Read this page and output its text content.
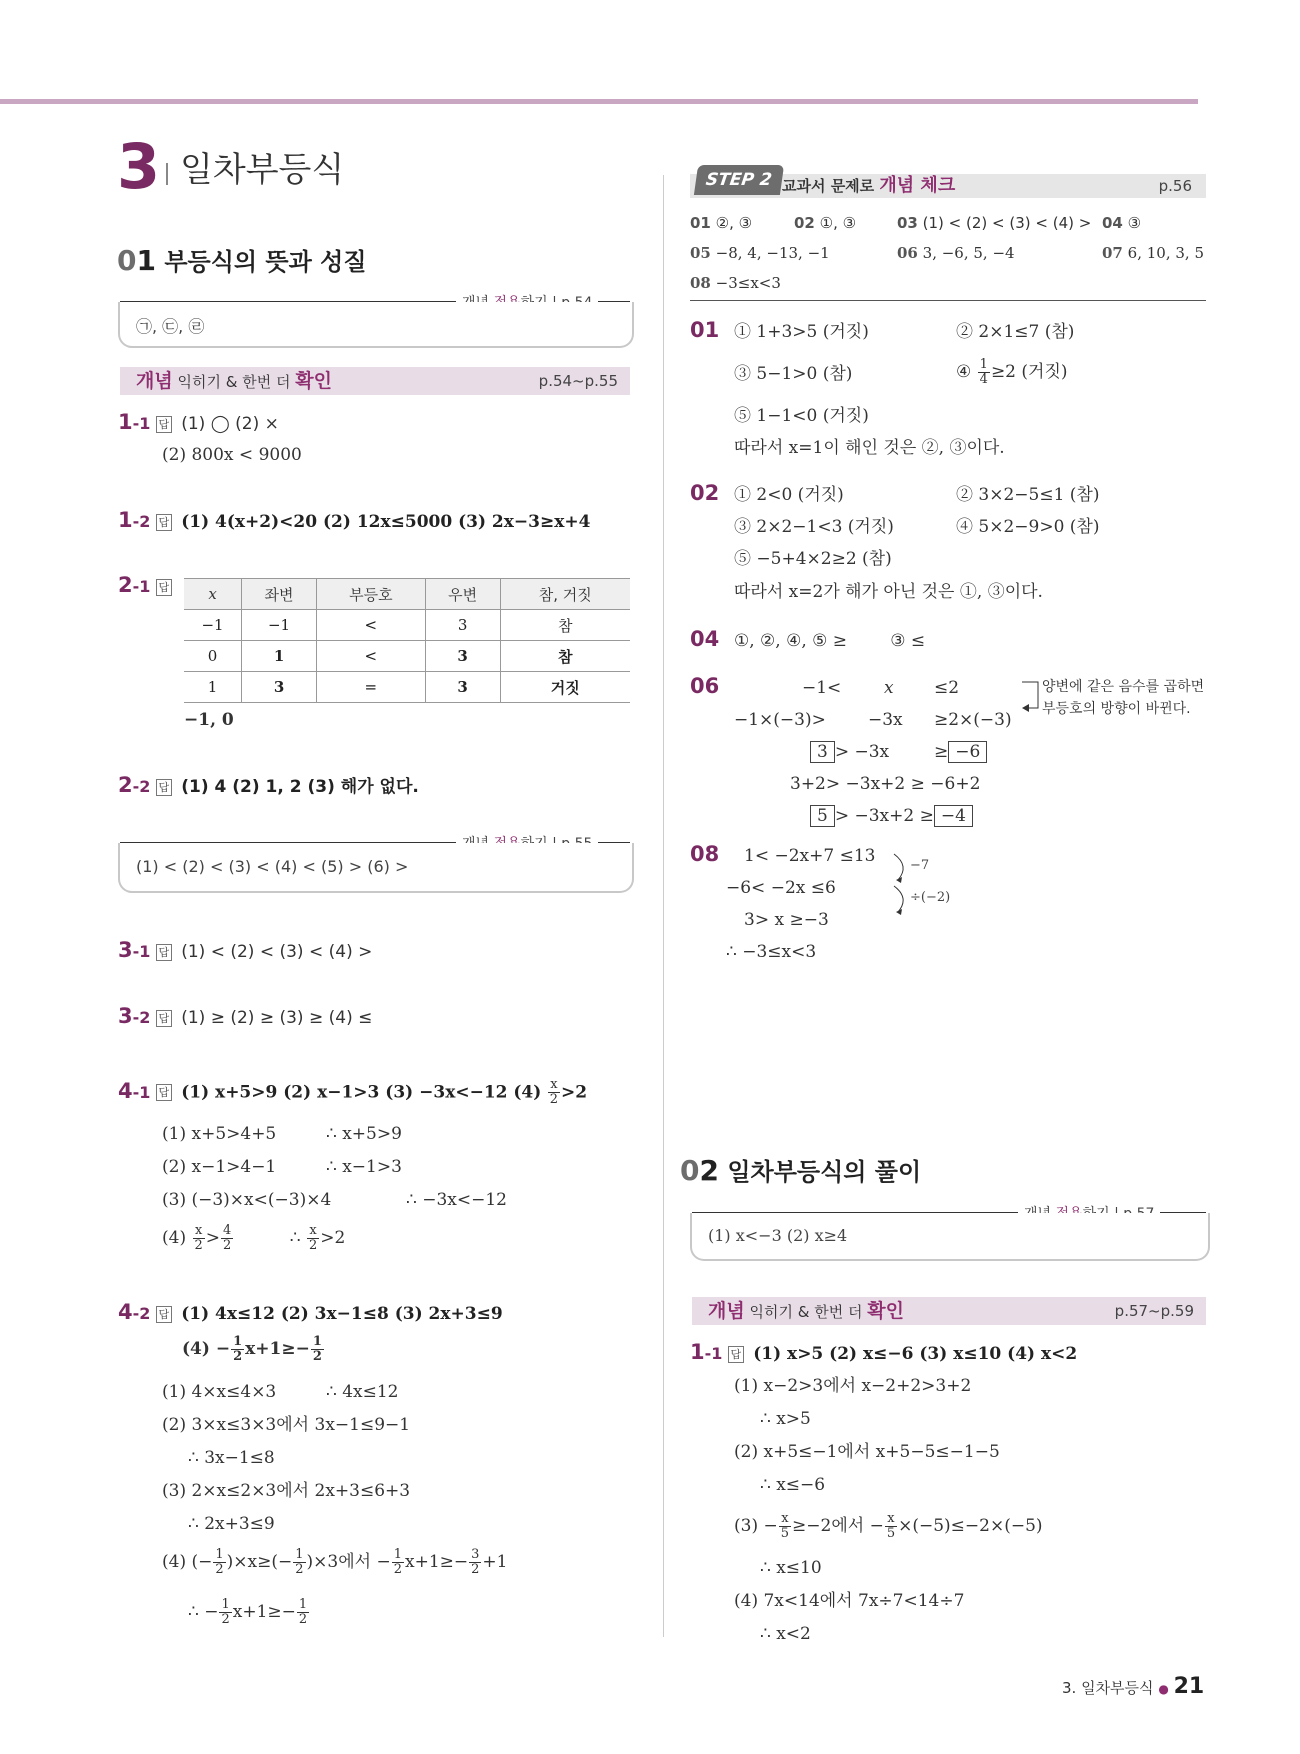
3 일차부등식
01 부등식의 뜻과 성질
㉠, ㉢, ㉣
개념 익히기 & 한번 더 확인	p.54~p.55
1-1 답 (1) ◯ (2) ×
(2) 800x < 9000
1-2 답 (1) 4(x+2)<20 (2) 12x≤5000 (3) 2x−3≥x+4
2-1 답	x	좌변	부등호	우변	참, 거짓
−1	−1	<	3	참
0	1	<	3	참
1	3	=	3	거짓
−1, 0
2-2 답 (1) 4 (2) 1, 2 (3) 해가 없다.
(1) < (2) < (3) < (4) < (5) > (6) >
3-1 답 (1) < (2) < (3) < (4) >
3-2 답 (1) ≥ (2) ≥ (3) ≥ (4) ≤
4-1 답 (1) x+5>9 (2) x−1>3 (3) −3x<−12 $(4) \frac{x}{2} >2$
(1) x+5>4+5	∴ x+5>9
(2) x−1>4−1	∴ x−1>3
(3) (−3)×x<(−3)×4	∴ −3x<−12
$(4) \frac{x}{2} > \frac{4}{2}$	∴ $\frac{x}{2} >2$
4-2 답 (1) 4x≤12 (2) 3x−1≤8 (3) 2x+3≤9
$(4) - \frac{1}{2} x+1\ge- \frac{1}{2}$
(1) 4×x≤4×3	∴ 4x≤12
(2) 3×x≤3×3에서 3x−1≤9−1
∴ 3x−1≤8
(3) 2×x≤2×3에서 2x+3≤6+3
∴ 2x+3≤9
(4) (− $\frac{1}{2} )\times x\ge(- \frac{1}{2} )\times 3$에서 − $\frac{1}{2} x+1\ge- \frac{3}{2} +1$
∴ − $\frac{1}{2} x+1\ge- \frac{1}{2}$
교과서 문제로 개념 체크	p.56
STEP 2
01 ②, ③	02 ①, ③	03 (1) < (2) < (3) < (4) > 04 ③
05 −8, 4, −13, −1	06 3, −6, 5, −4	07 6, 10, 3, 5
08 −3≤x<3
01 ① 1+3>5 (거짓)	② 2×1≤7 (참)
③ 5−1>0 (참)	④ $\frac{1}{4} \ge 2$ (거짓)
⑤ 1−1<0 (거짓)
따라서 x=1이 해인 것은 ②, ③이다.
02 ① 2<0 (거짓)	② 3×2−5≤1 (참)
③ 2×2−1<3 (거짓)	④ 5×2−9>0 (참)
⑤ −5+4×2≥2 (참)
따라서 x=2가 해가 아닌 것은 ①, ③이다.
04 ①, ②, ④, ⑤ ≥        ③ ≤
06	−1<	x ≤2
−1×(−3)> −3x ≥2×(−3)
3 > −3x	≥ −6
3+2> −3x+2 ≥ −6+2
5 > −3x+2 ≥ −4
양변에 같은 음수를 곱하면
부등호의 방향이 바뀐다.
08 1< −2x+7 ≤13
−6< −2x ≤6
3> x ≥−3
∴ −3≤x<3
−7
÷(−2)
02 일차부등식의 풀이
(1) x<−3 (2) x≥4
개념 익히기 & 한번 더 확인	p.57~p.59
1-1 답 (1) x>5 (2) x≤−6 (3) x≤10 (4) x<2
(1) x−2>3에서 x−2+2>3+2
∴ x>5
(2) x+5≤−1에서 x+5−5≤−1−5
∴ x≤−6
$(3) - \frac{x}{5} \ge-2$에서 − $\frac{x}{5} \times(-5)\le-2\times(-5)$
∴ x≤10
(4) 7x<14에서 7x÷7<14÷7
∴ x<2
3. 일차부등식 ● 21
